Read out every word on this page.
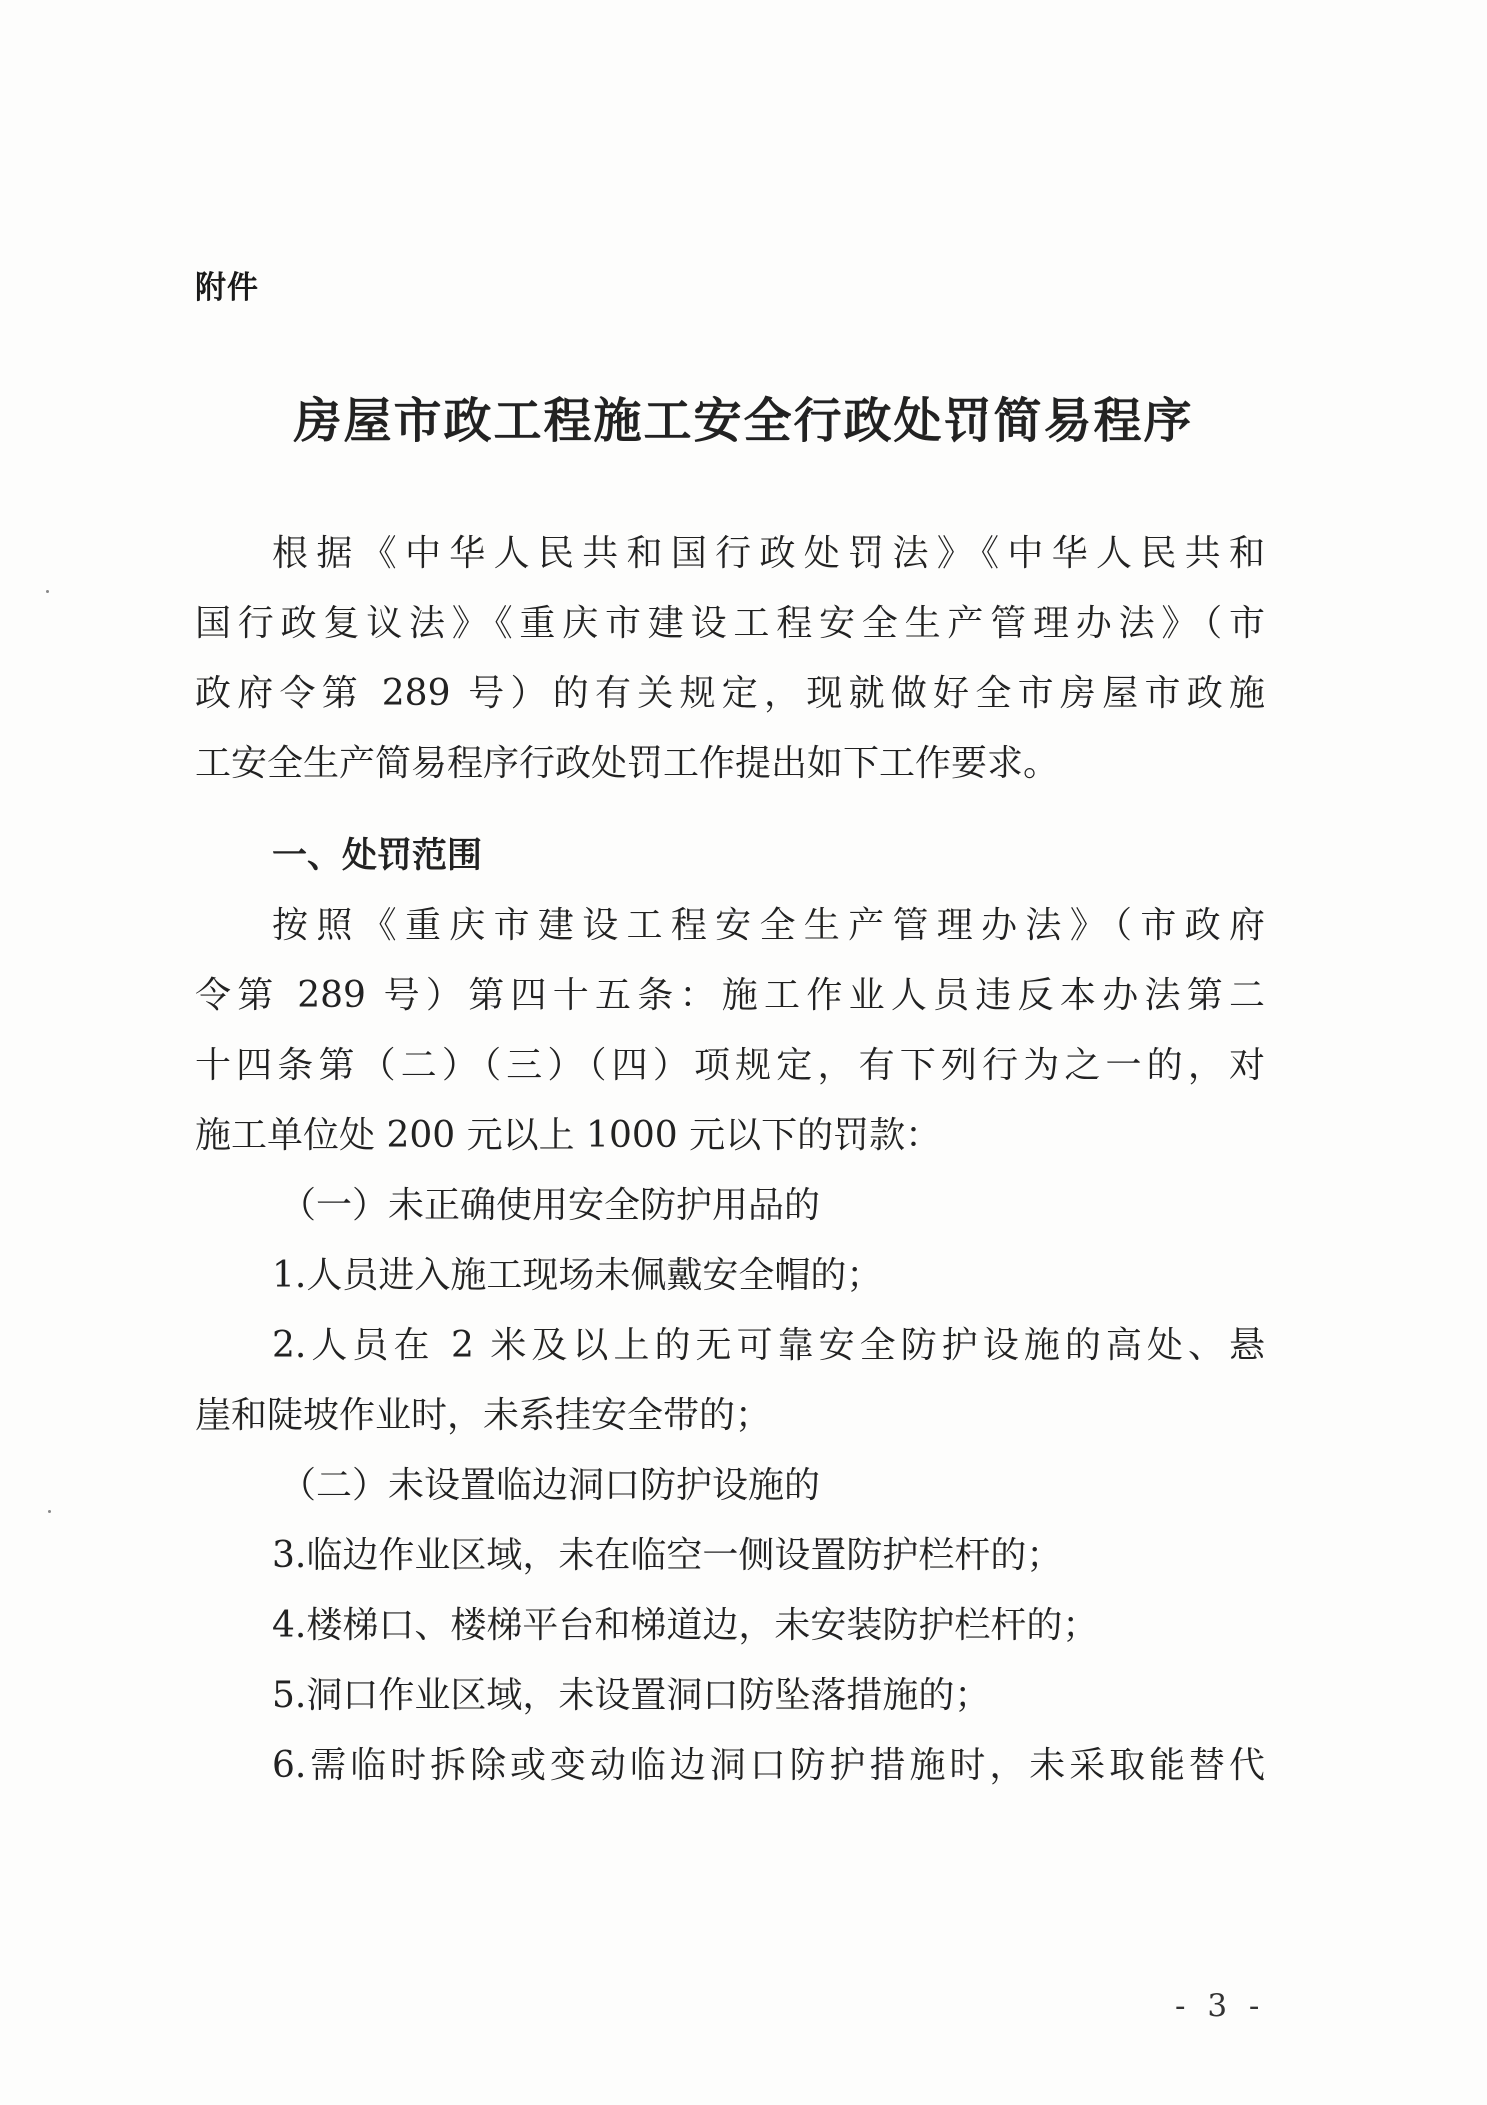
附件
房屋市政工程施工安全行政处罚简易程序
根据《中华人民共和国行政处罚法》《中华人民共和
国行政复议法》《重庆市建设工程安全生产管理办法》（市
政府令第 289 号）的有关规定，现就做好全市房屋市政施
工安全生产简易程序行政处罚工作提出如下工作要求。
一、处罚范围
按照《重庆市建设工程安全生产管理办法》（市政府
令第 289 号）第四十五条：施工作业人员违反本办法第二
十四条第（二）（三）（四）项规定，有下列行为之一的，对
施工单位处 200 元以上 1000 元以下的罚款：
（一）未正确使用安全防护用品的
1.人员进入施工现场未佩戴安全帽的；
2.人员在 2 米及以上的无可靠安全防护设施的高处、悬
崖和陡坡作业时，未系挂安全带的；
（二）未设置临边洞口防护设施的
3.临边作业区域，未在临空一侧设置防护栏杆的；
4.楼梯口、楼梯平台和梯道边，未安装防护栏杆的；
5.洞口作业区域，未设置洞口防坠落措施的；
6.需临时拆除或变动临边洞口防护措施时，未采取能替代
- 3 -
